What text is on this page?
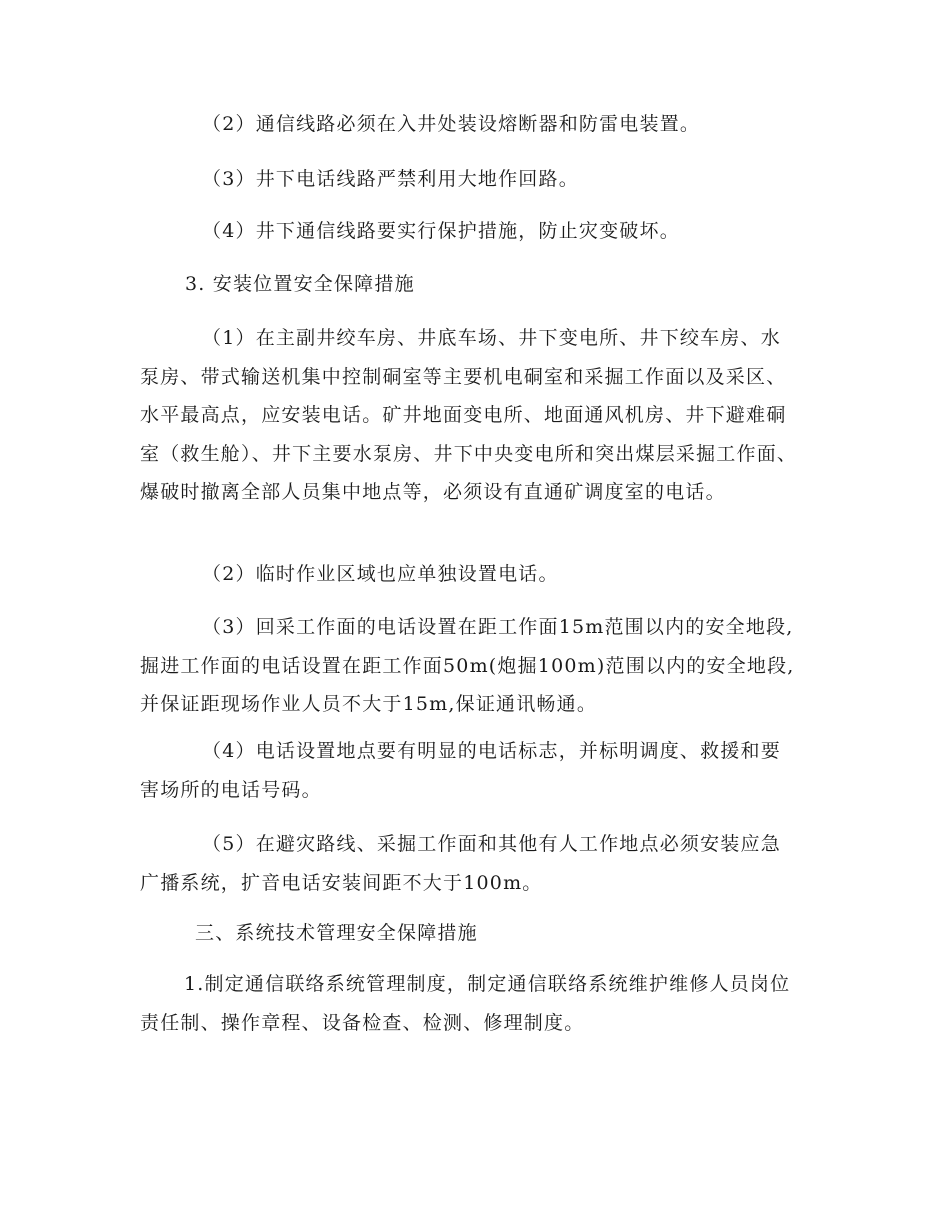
（2）通信线路必须在入井处装设熔断器和防雷电装置。

（3）井下电话线路严禁利用大地作回路。

（4）井下通信线路要实行保护措施，防止灾变破坏。

3. 安装位置安全保障措施

（1）在主副井绞车房、井底车场、井下变电所、井下绞车房、水泵房、带式输送机集中控制硐室等主要机电硐室和采掘工作面以及采区、水平最高点，应安装电话。矿井地面变电所、地面通风机房、井下避难硐室（救生舱）、井下主要水泵房、井下中央变电所和突出煤层采掘工作面、爆破时撤离全部人员集中地点等，必须设有直通矿调度室的电话。

（2）临时作业区域也应单独设置电话。

（3）回采工作面的电话设置在距工作面15m范围以内的安全地段,掘进工作面的电话设置在距工作面50m(炮掘100m)范围以内的安全地段,并保证距现场作业人员不大于15m,保证通讯畅通。

（4）电话设置地点要有明显的电话标志，并标明调度、救援和要害场所的电话号码。

（5）在避灾路线、采掘工作面和其他有人工作地点必须安装应急广播系统，扩音电话安装间距不大于100m。

三、系统技术管理安全保障措施

1.制定通信联络系统管理制度，制定通信联络系统维护维修人员岗位责任制、操作章程、设备检查、检测、修理制度。
